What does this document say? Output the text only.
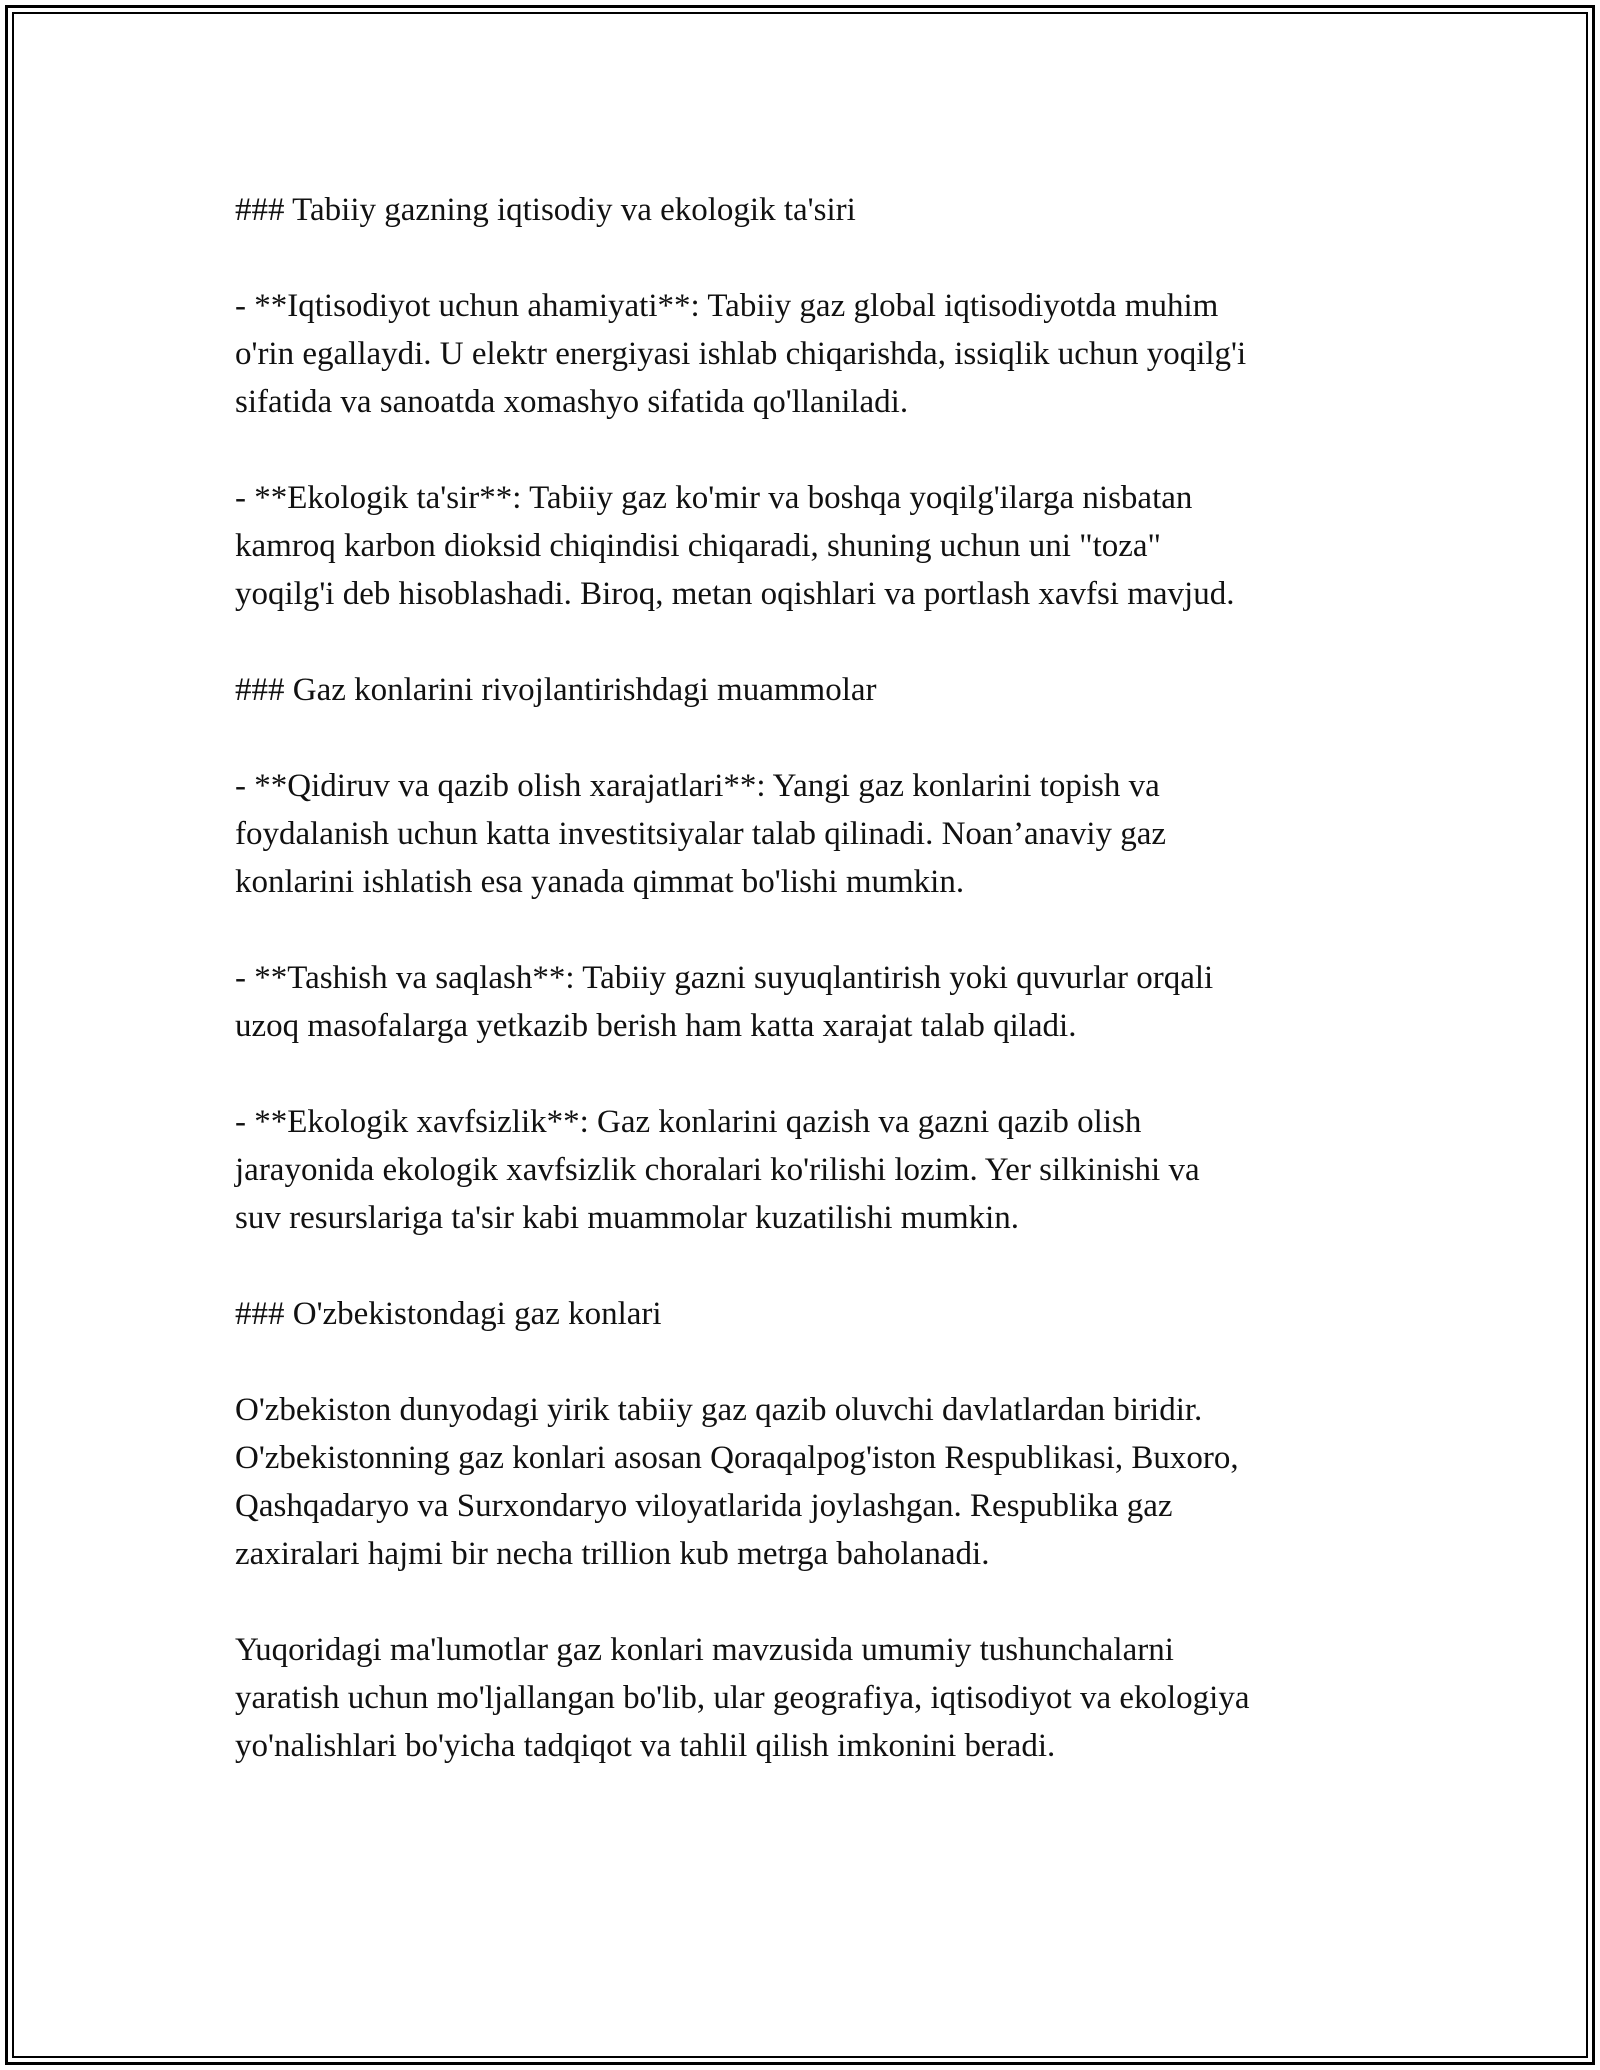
### Tabiiy gazning iqtisodiy va ekologik ta's​iri

- **Iqtisodiyot uchun ahamiyati**: Tabiiy gaz global iqtisodiyotda muhim
o'rin egallaydi. U elektr energiyasi ishlab chiqarishda, issiqlik uchun yoqilg'i
sifatida va sanoatda xomashyo sifatida qo'llaniladi.

- **Ekologik ta'sir**: Tabiiy gaz ko'mir va boshqa yoqilg'ilarga nisbatan
kamroq karbon dioksid chiqindisi chiqaradi, shuning uchun uni "toza"
yoqilg'i deb hisoblashadi. Biroq, metan oqishlari va portlash xavfsi mavjud.

### Gaz konlarini rivojlantirishdagi muammolar

- **Qidiruv va qazib olish xarajatlari**: Yangi gaz konlarini topish va
foydalanish uchun katta investitsiyalar talab qilinadi. Noan’anaviy gaz
konlarini ishlatish esa yanada qimmat bo'lishi mumkin.

- **Tashish va saqlash**: Tabiiy gazni suyuqlantirish yoki quvurlar orqali
uzoq masofalarga yetkazib berish ham katta xarajat talab qiladi.

- **Ekologik xavfsizlik**: Gaz konlarini qazish va gazni qazib olish
jarayonida ekologik xavfsizlik choralari ko'rilishi lozim. Yer silkinishi va
suv resurslariga ta'sir kabi muammolar kuzatilishi mumkin.

### O'zbekistondagi gaz konlari

O'zbekiston dunyodagi yirik tabiiy gaz qazib oluvchi davlatlardan biridir.
O'zbekistonning gaz konlari asosan Qoraqalpog'iston Respublikasi, Buxoro,
Qashqadaryo va Surxondaryo viloyatlarida joylashgan. Respublika gaz
zaxiralari hajmi bir necha trillion kub metrga baholanadi.

Yuqoridagi ma'lumotlar gaz konlari mavzusida umumiy tushunchalarni
yaratish uchun mo'ljallangan bo'lib, ular geografiya, iqtisodiyot va ekologiya
yo'nalishlari bo'yicha tadqiqot va tahlil qilish imkonini beradi.
